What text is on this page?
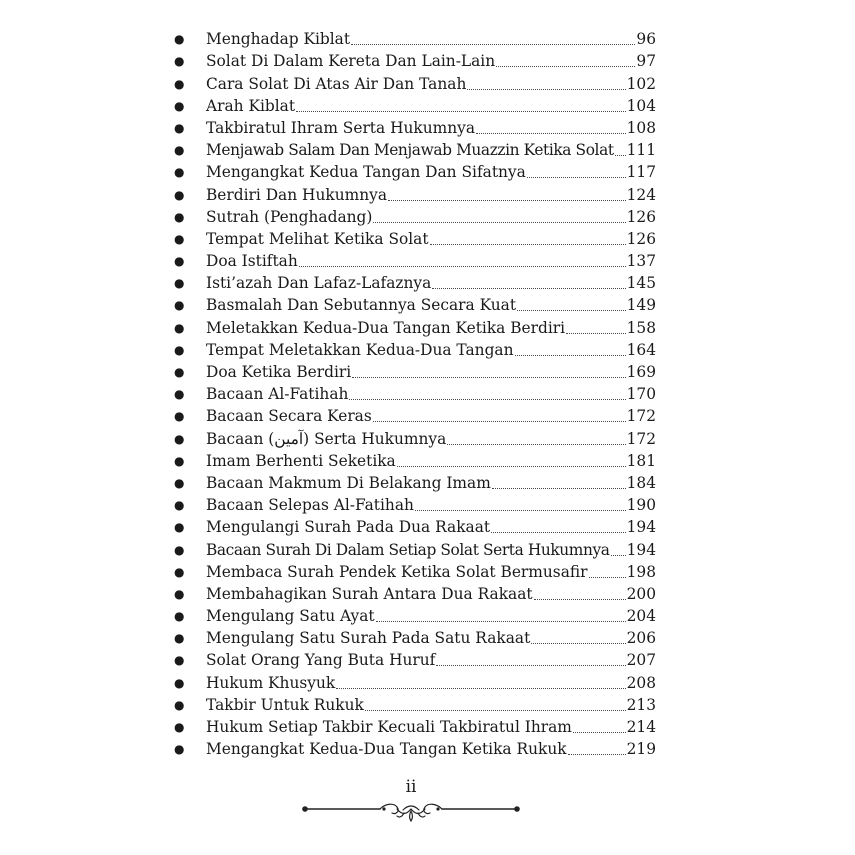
●	Menghadap Kiblat	96
●	Solat Di Dalam Kereta Dan Lain-Lain	97
●	Cara Solat Di Atas Air Dan Tanah	102
●	Arah Kiblat	104
●	Takbiratul Ihram Serta Hukumnya	108
●	Menjawab Salam Dan Menjawab Muazzin Ketika Solat 111
●	Mengangkat Kedua Tangan Dan Sifatnya	117
●	Berdiri Dan Hukumnya	124
●	Sutrah (Penghadang)	126
●	Tempat Melihat Ketika Solat	126
●	Doa Istiftah	137
●	Isti’azah Dan Lafaz-Lafaznya	145
●	Basmalah Dan Sebutannya Secara Kuat	149
●	Meletakkan Kedua-Dua Tangan Ketika Berdiri	158
●	Tempat Meletakkan Kedua-Dua Tangan	164
●	Doa Ketika Berdiri	169
●	Bacaan Al-Fatihah	170
●	Bacaan Secara Keras	172
●	Bacaan (آمين) Serta Hukumnya	172
●	Imam Berhenti Seketika	181
●	Bacaan Makmum Di Belakang Imam	184
●	Bacaan Selepas Al-Fatihah	190
●	Mengulangi Surah Pada Dua Rakaat	194
●	Bacaan Surah Di Dalam Setiap Solat Serta Hukumnya 194
●	Membaca Surah Pendek Ketika Solat Bermusafir	198
●	Membahagikan Surah Antara Dua Rakaat	200
●	Mengulang Satu Ayat	204
●	Mengulang Satu Surah Pada Satu Rakaat	206
●	Solat Orang Yang Buta Huruf	207
●	Hukum Khusyuk	208
●	Takbir Untuk Rukuk	213
●	Hukum Setiap Takbir Kecuali Takbiratul Ihram	214
●	Mengangkat Kedua-Dua Tangan Ketika Rukuk	219
ii
